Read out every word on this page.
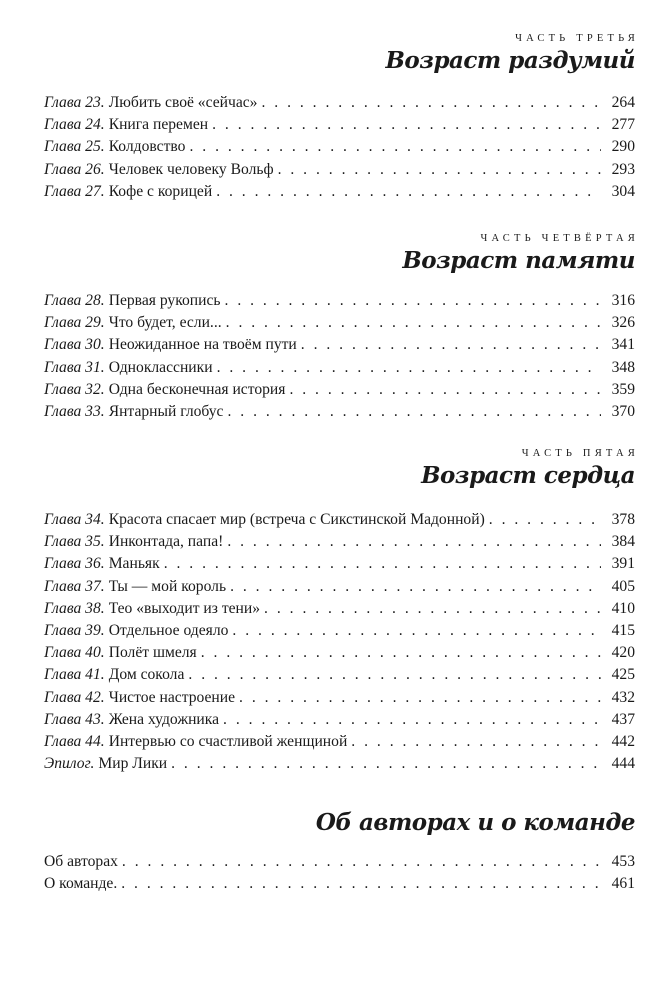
ЧАСТЬ ТРЕТЬЯ
Возраст раздумий
Глава 23. Любить своё «сейчас» . . .	264
Глава 24. Книга перемен . . .	277
Глава 25. Колдовство . . .	290
Глава 26. Человек человеку Вольф . . .	293
Глава 27. Кофе с корицей . . .	304
ЧАСТЬ ЧЕТВЁРТАЯ
Возраст памяти
Глава 28. Первая рукопись . . .	316
Глава 29. Что будет, если... . . .	326
Глава 30. Неожиданное на твоём пути . . .	341
Глава 31. Одноклассники . . .	348
Глава 32. Одна бесконечная история . . .	359
Глава 33. Янтарный глобус . . .	370
ЧАСТЬ ПЯТАЯ
Возраст сердца
Глава 34. Красота спасает мир (встреча с Сикстинской Мадонной) . . .	378
Глава 35. Инконтада, папа! . . .	384
Глава 36. Маньяк . . .	391
Глава 37. Ты — мой король . . .	405
Глава 38. Тео «выходит из тени» . . .	410
Глава 39. Отдельное одеяло . . .	415
Глава 40. Полёт шмеля . . .	420
Глава 41. Дом сокола . . .	425
Глава 42. Чистое настроение . . .	432
Глава 43. Жена художника . . .	437
Глава 44. Интервью со счастливой женщиной . . .	442
Эпилог. Мир Лики . . .	444
Об авторах и о команде
Об авторах . . .	453
О команде. . . .	461
